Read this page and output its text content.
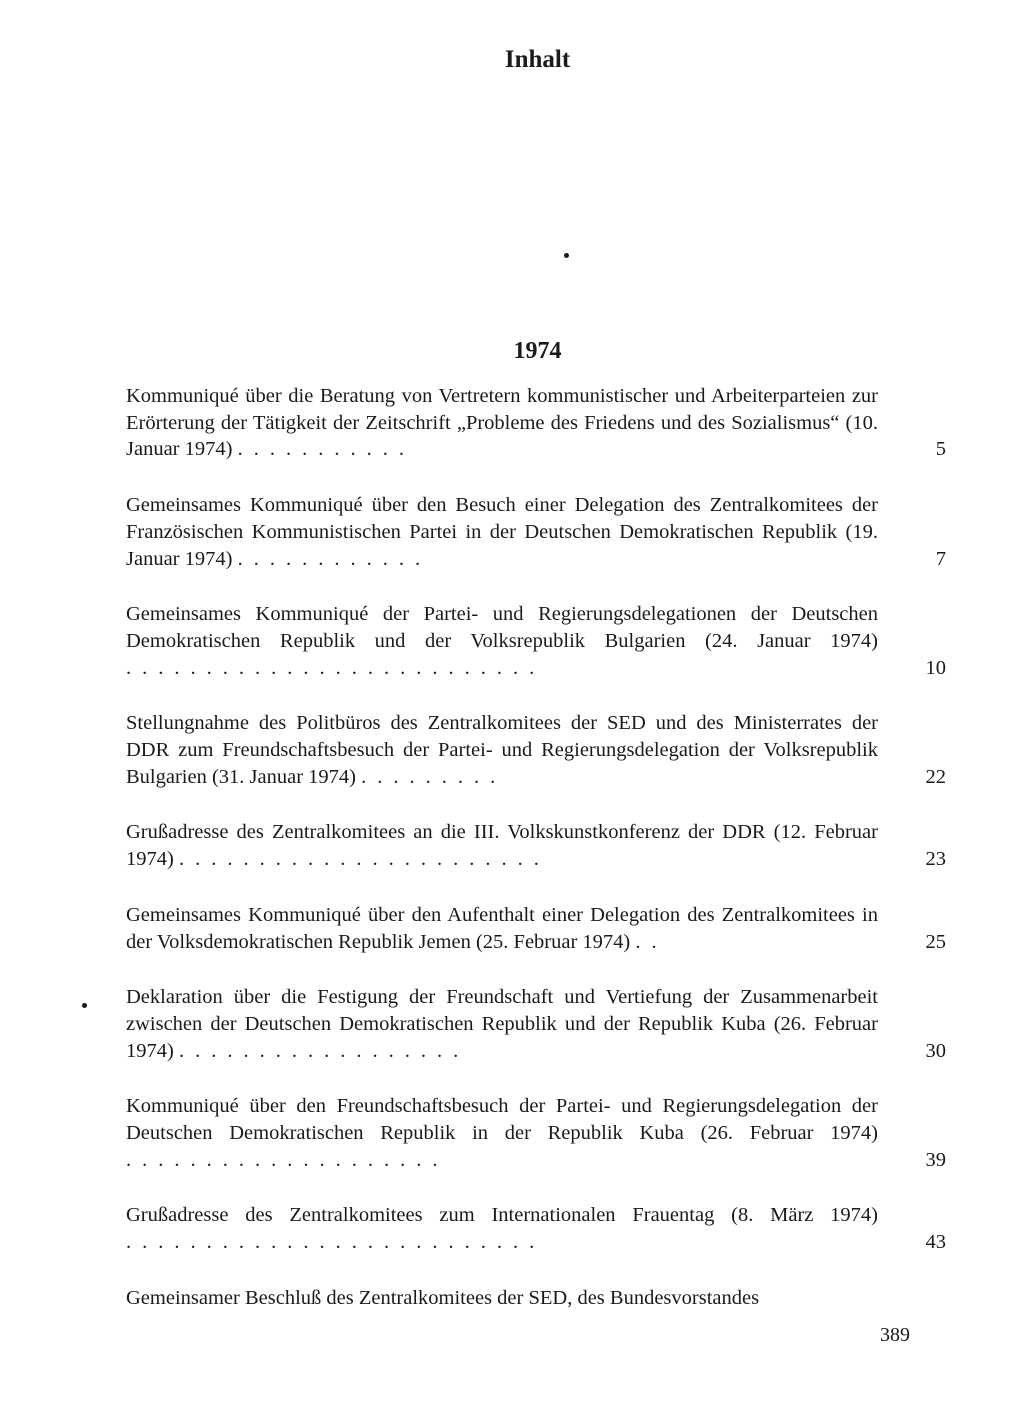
Inhalt
1974
Kommuniqué über die Beratung von Vertretern kommunistischer und Arbeiterparteien zur Erörterung der Tätigkeit der Zeitschrift „Probleme des Friedens und des Sozialismus“ (10. Januar 1974) ...........	5
Gemeinsames Kommuniqué über den Besuch einer Delegation des Zentralkomitees der Französischen Kommunistischen Partei in der Deutschen Demokratischen Republik (19. Januar 1974) ............	7
Gemeinsames Kommuniqué der Partei- und Regierungsdelegationen der Deutschen Demokratischen Republik und der Volksrepublik Bulgarien (24. Januar 1974) ..........................	10
Stellungnahme des Politbüros des Zentralkomitees der SED und des Ministerrates der DDR zum Freundschaftsbesuch der Partei- und Regierungsdelegation der Volksrepublik Bulgarien (31. Januar 1974) .........	22
Grußadresse des Zentralkomitees an die III. Volkskunstkonferenz der DDR (12. Februar 1974) .......................	23
Gemeinsames Kommuniqué über den Aufenthalt einer Delegation des Zentralkomitees in der Volksdemokratischen Republik Jemen (25. Februar 1974) ..	25
Deklaration über die Festigung der Freundschaft und Vertiefung der Zusammenarbeit zwischen der Deutschen Demokratischen Republik und der Republik Kuba (26. Februar 1974) ..................	30
Kommuniqué über den Freundschaftsbesuch der Partei- und Regierungsdelegation der Deutschen Demokratischen Republik in der Republik Kuba (26. Februar 1974) ....................	39
Grußadresse des Zentralkomitees zum Internationalen Frauentag (8. März 1974) ..........................	43
Gemeinsamer Beschluß des Zentralkomitees der SED, des Bundesvorstandes

389
